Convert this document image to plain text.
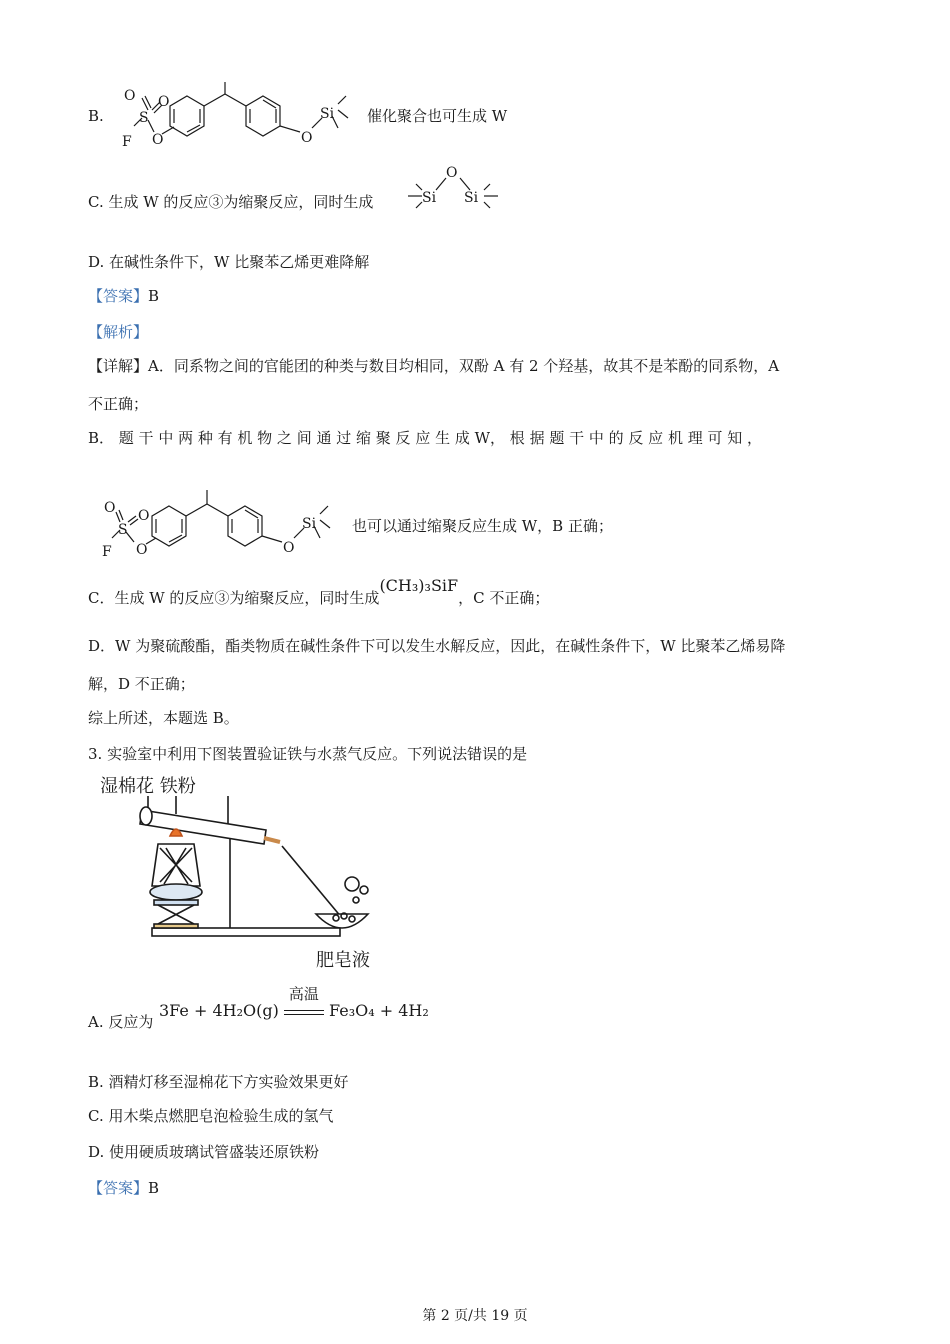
B.
F
S
O O
O	O
Si 催化聚合也可生成 W
C. 生成 W 的反应③为缩聚反应，同时生成
O
Si Si
D. 在碱性条件下，W 比聚苯乙烯更难降解
【答案】B
【解析】
【详解】A．同系物之间的官能团的种类与数目均相同，双酚 A 有 2 个羟基，故其不是苯酚的同系物，A
不正确；
B． 题 干 中 两 种 有 机 物 之 间 通 过 缩 聚 反 应 生 成 W， 根 据 题 干 中 的 反 应 机 理 可 知 ，
F
S
O O
O	O
Si 也可以通过缩聚反应生成 W，B 正确；
C．生成 W 的反应③为缩聚反应，同时生成(CH₃)₃SiF，C 不正确；
D．W 为聚硫酸酯，酯类物质在碱性条件下可以发生水解反应，因此，在碱性条件下，W 比聚苯乙烯易降
解，D 不正确；
综上所述，本题选 B。
3. 实验室中利用下图装置验证铁与水蒸气反应。下列说法错误的是
湿棉花 铁粉
肥皂液
A. 反应为
3Fe + 4H₂O(g)
高温
Fe₃O₄ + 4H₂
B. 酒精灯移至湿棉花下方实验效果更好
C. 用木柴点燃肥皂泡检验生成的氢气
D. 使用硬质玻璃试管盛装还原铁粉
【答案】B
第 2 页/共 19 页
